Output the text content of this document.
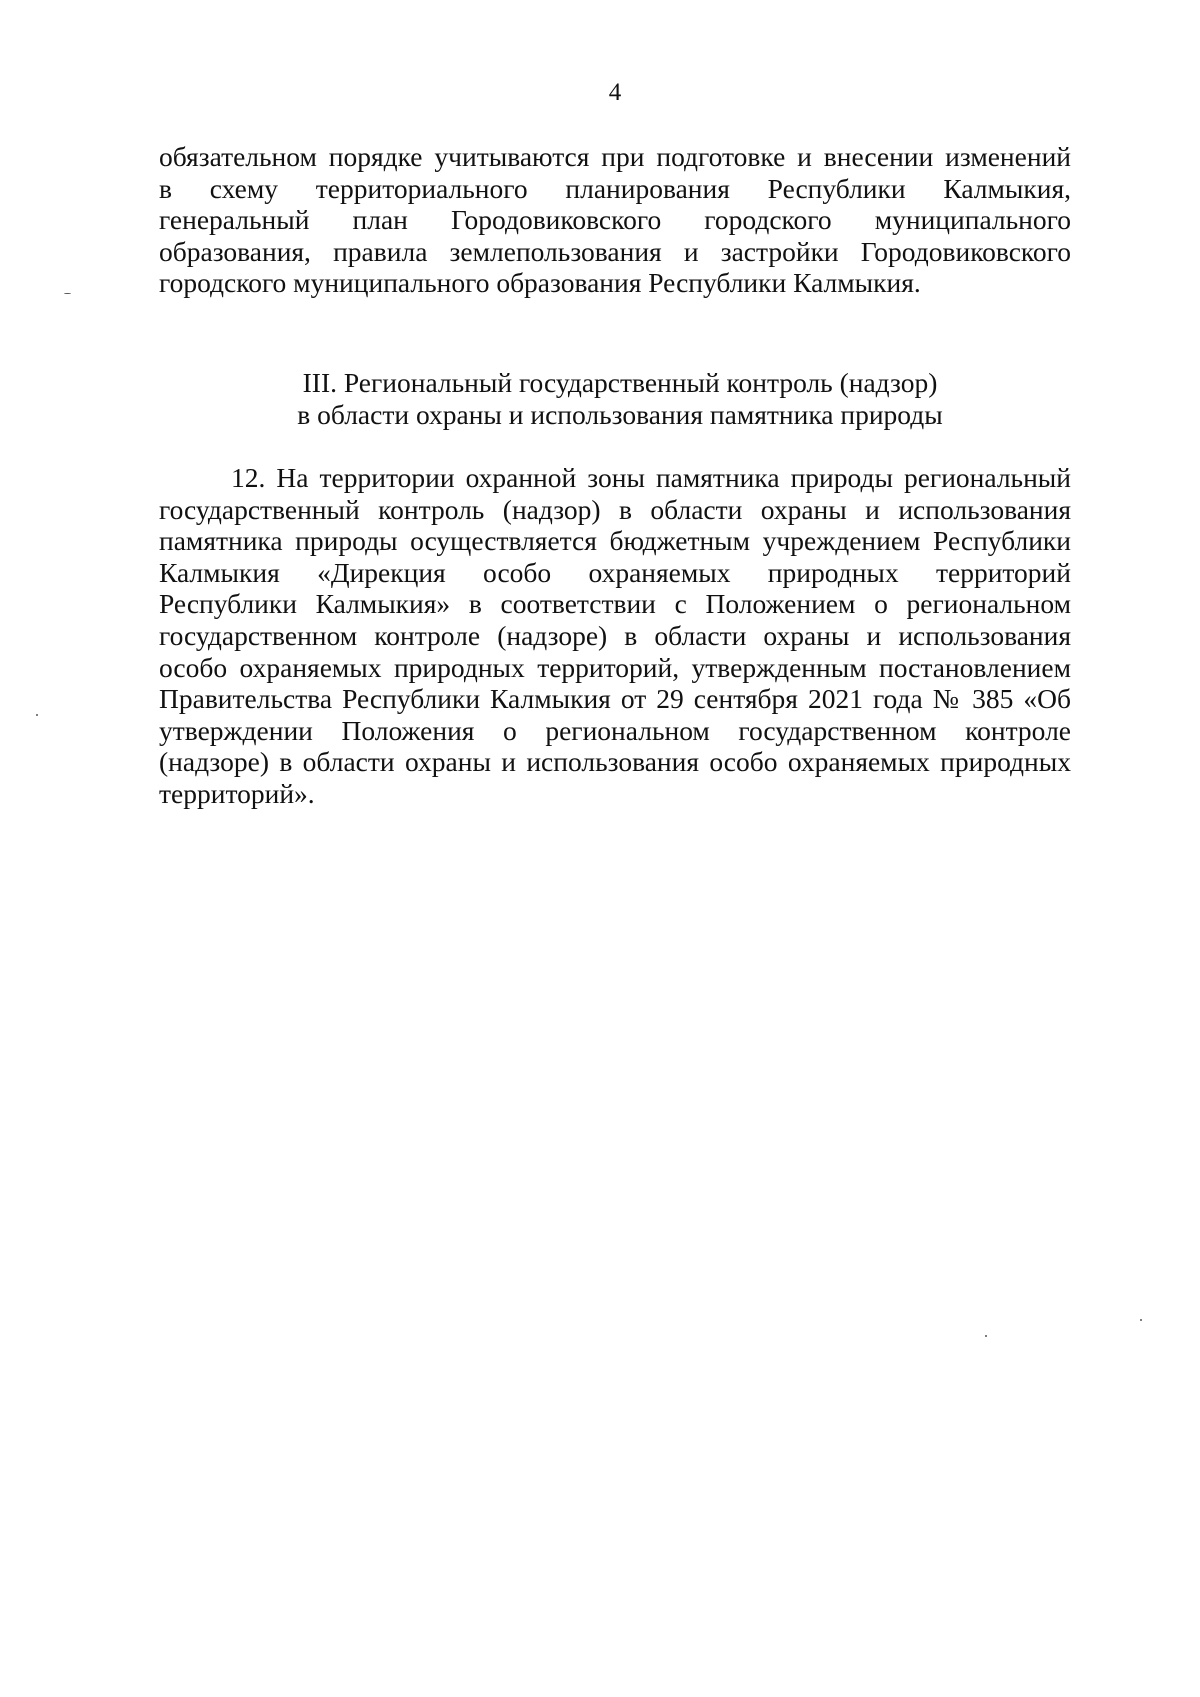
4
обязательном порядке учитываются при подготовке и внесении изменений
в схему территориального планирования Республики Калмыкия,
генеральный план Городовиковского городского муниципального
образования, правила землепользования и застройки Городовиковского
городского муниципального образования Республики Калмыкия.
III. Региональный государственный контроль (надзор)
в области охраны и использования памятника природы
12. На территории охранной зоны памятника природы региональный
государственный контроль (надзор) в области охраны и использования
памятника природы осуществляется бюджетным учреждением Республики
Калмыкия «Дирекция особо охраняемых природных территорий
Республики Калмыкия» в соответствии с Положением о региональном
государственном контроле (надзоре) в области охраны и использования
особо охраняемых природных территорий, утвержденным постановлением
Правительства Республики Калмыкия от 29 сентября 2021 года № 385 «Об
утверждении Положения о региональном государственном контроле
(надзоре) в области охраны и использования особо охраняемых природных
территорий».
